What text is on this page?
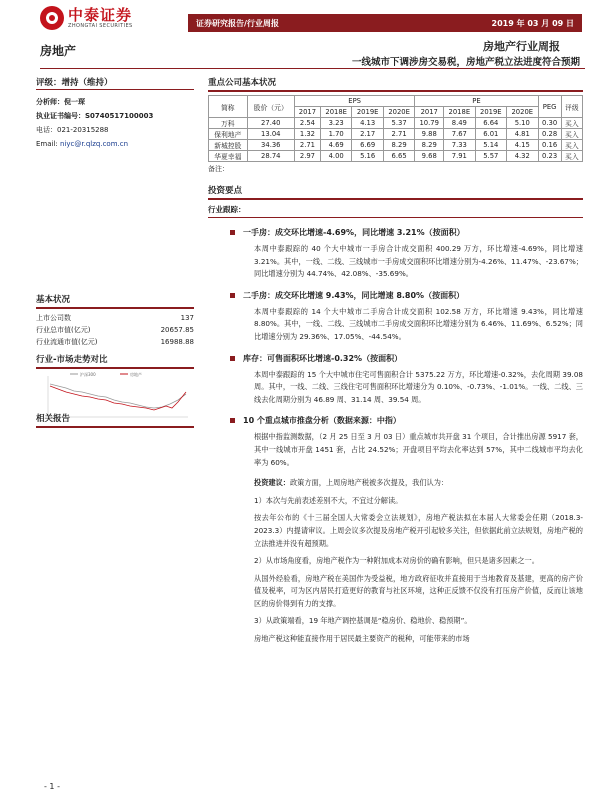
中泰证券
ZHONGTAI SECURITIES	证券研究报告/行业周报	2019 年 03 月 09 日
房地产	房地产行业周报
一线城市下调涉房交易税，房地产税立法进度符合预期
评级：增持（维持）
分析师：倪一琛
执业证书编号：S0740517100003
电话：021-20315288
Email: niyc@r.qlzq.com.cn
基本状况
上市公司数	137
行业总市值(亿元)	20657.85
行业流通市值(亿元)	16988.88
行业-市场走势对比
沪深300	房地产
相关报告
重点公司基本状况
简称	股价（元）	EPS				PE				PEG	评级
		2017	2018E	2019E	2020E	2017	2018E	2019E	2020E		
万科	27.40	2.54	3.23	4.13	5.37	10.79	8.49	6.64	5.10	0.30	买入
保利地产	13.04	1.32	1.70	2.17	2.71	9.88	7.67	6.01	4.81	0.28	买入
新城控股	34.36	2.71	4.69	6.69	8.29	8.29	7.33	5.14	4.15	0.16	买入
华夏幸福	28.74	2.97	4.00	5.16	6.65	9.68	7.91	5.57	4.32	0.23	买入
备注：
投资要点
行业跟踪：
一手房：成交环比增速-4.69%，同比增速 3.21%（按面积）
本周中泰跟踪的 40 个大中城市一手房合计成交面积 400.29 万方，环比增速-4.69%，同比增速 3.21%。其中，一线、二线、三线城市一手房成交面积环比增速分别为-4.26%、11.47%、-23.67%；同比增速分别为 44.74%、42.08%、-35.69%。
二手房：成交环比增速 9.43%，同比增速 8.80%（按面积）
本周中泰跟踪的 14 个大中城市二手房合计成交面积 102.58 万方，环比增速 9.43%，同比增速 8.80%。其中，一线、二线、三线城市二手房成交面积环比增速分别为 6.46%、11.69%、6.52%；同比增速分别为 29.36%、17.05%、-44.54%。
库存：可售面积环比增速-0.32%（按面积）
本周中泰跟踪的 15 个大中城市住宅可售面积合计 5375.22 万方，环比增速-0.32%，去化周期 39.08 周。其中，一线、二线、三线住宅可售面积环比增速分为 0.10%、-0.73%、-1.01%。一线、二线、三线去化周期分别为 46.89 周、31.14 周、39.54 周。
10 个重点城市推盘分析（数据来源：中指）
根据中指监测数据，（2 月 25 日至 3 月 03 日）重点城市共开盘 31 个项目，合计推出房源 5917 套，其中一线城市开盘 1451 套，占比 24.52%；开盘项目平均去化率达到 57%，其中二线城市平均去化率为 60%。
投资建议：政策方面，上周房地产税被多次提及，我们认为：
1）本次与先前表述差别不大，不宜过分解读。
按去年公布的《十三届全国人大常委会立法规划》，房地产税法拟在本届人大常委会任期（2018.3-2023.3）内提请审议。上周会议多次提及房地产税开引起较多关注，但依据此前立法规划，房地产税的立法推进并没有超预期。
2）从市场角度看，房地产税作为一种附加成本对房价的确有影响，但只是诸多因素之一。
从国外经验看，房地产税在美国作为受益税，地方政府征收并直接用于当地教育及基建，更高的房产价值及税率，可为区内居民打造更好的教育与社区环境，这种正反馈不仅没有打压房产价值，反而让该地区的房价得到有力的支撑。
3）从政策端看，19 年地产调控基调是“稳房价、稳地价、稳预期”。
房地产税这种能直接作用于居民最主要资产的税种，可能带来的市场
- 1 -
